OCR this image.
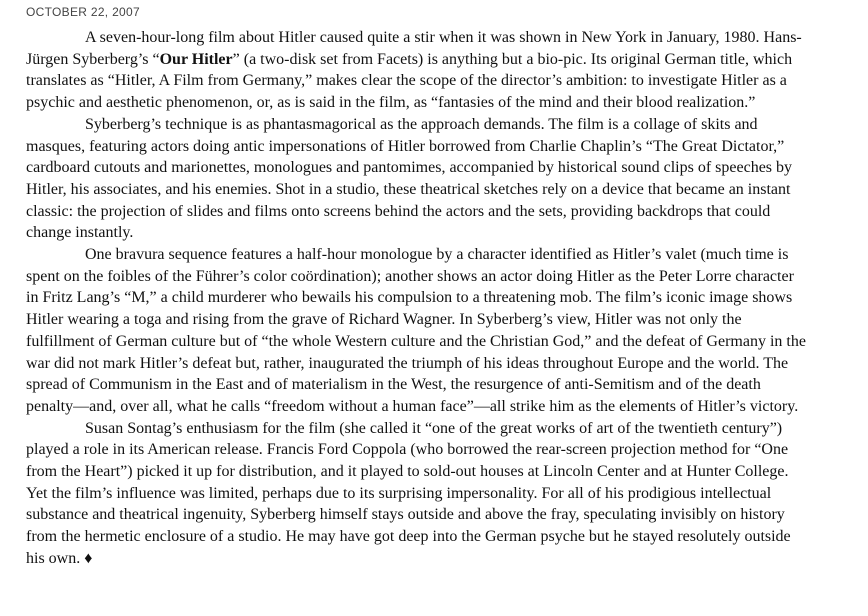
OCTOBER 22, 2007

A seven-hour-long film about Hitler caused quite a stir when it was shown in New York in January, 1980. Hans-Jürgen Syberberg’s “Our Hitler” (a two-disk set from Facets) is anything but a bio-pic. Its original German title, which translates as “Hitler, A Film from Germany,” makes clear the scope of the director’s ambition: to investigate Hitler as a psychic and aesthetic phenomenon, or, as is said in the film, as “fantasies of the mind and their blood realization.”

Syberberg’s technique is as phantasmagorical as the approach demands. The film is a collage of skits and masques, featuring actors doing antic impersonations of Hitler borrowed from Charlie Chaplin’s “The Great Dictator,” cardboard cutouts and marionettes, monologues and pantomimes, accompanied by historical sound clips of speeches by Hitler, his associates, and his enemies. Shot in a studio, these theatrical sketches rely on a device that became an instant classic: the projection of slides and films onto screens behind the actors and the sets, providing backdrops that could change instantly.

One bravura sequence features a half-hour monologue by a character identified as Hitler’s valet (much time is spent on the foibles of the Führer’s color coördination); another shows an actor doing Hitler as the Peter Lorre character in Fritz Lang’s “M,” a child murderer who bewails his compulsion to a threatening mob. The film’s iconic image shows Hitler wearing a toga and rising from the grave of Richard Wagner. In Syberberg’s view, Hitler was not only the fulfillment of German culture but of “the whole Western culture and the Christian God,” and the defeat of Germany in the war did not mark Hitler’s defeat but, rather, inaugurated the triumph of his ideas throughout Europe and the world. The spread of Communism in the East and of materialism in the West, the resurgence of anti-Semitism and of the death penalty—and, over all, what he calls “freedom without a human face”—all strike him as the elements of Hitler’s victory.

Susan Sontag’s enthusiasm for the film (she called it “one of the great works of art of the twentieth century”) played a role in its American release. Francis Ford Coppola (who borrowed the rear-screen projection method for “One from the Heart”) picked it up for distribution, and it played to sold-out houses at Lincoln Center and at Hunter College. Yet the film’s influence was limited, perhaps due to its surprising impersonality. For all of his prodigious intellectual substance and theatrical ingenuity, Syberberg himself stays outside and above the fray, speculating invisibly on history from the hermetic enclosure of a studio. He may have got deep into the German psyche but he stayed resolutely outside his own. ♦
